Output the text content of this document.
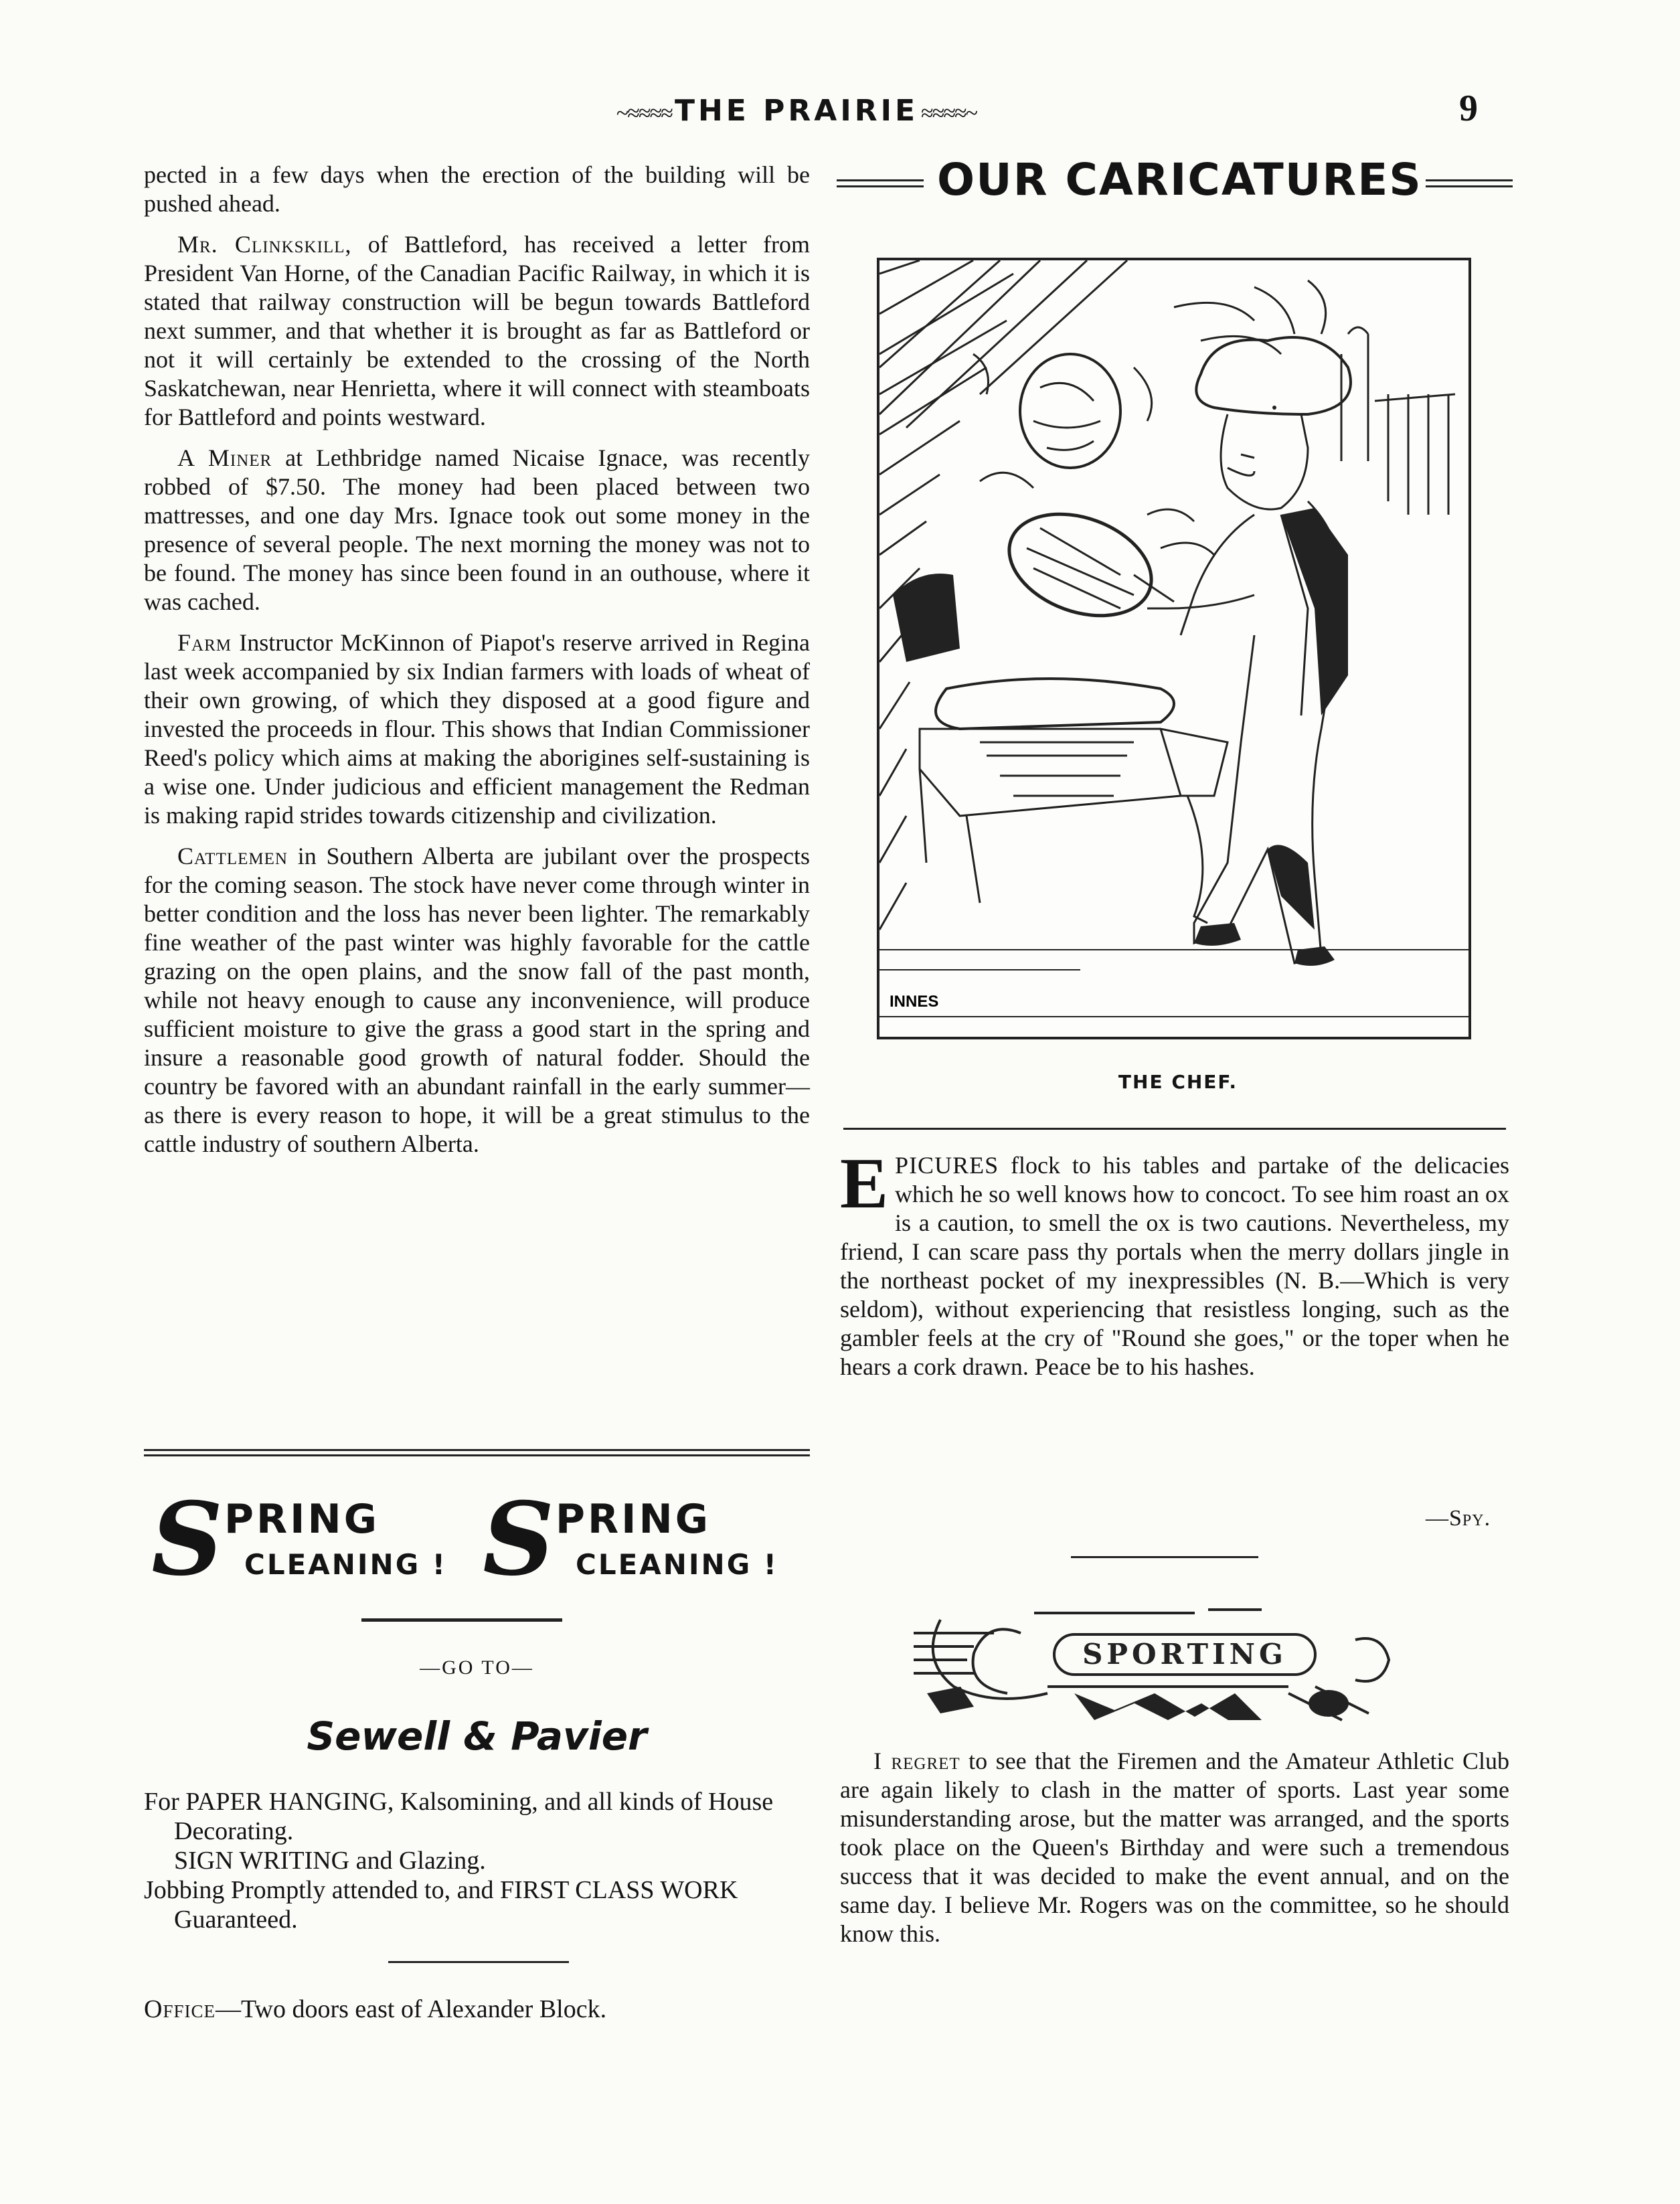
~≈≈≈≈ THE PRAIRIE ≈≈≈≈~	9

pected in a few days when the erection of the building will be pushed ahead.

Mr. Clinkskill, of Battleford, has received a letter from President Van Horne, of the Canadian Pacific Railway, in which it is stated that railway construction will be begun towards Battleford next summer, and that whether it is brought as far as Battleford or not it will certainly be extended to the crossing of the North Saskatchewan, near Henrietta, where it will connect with steamboats for Battleford and points westward.

A Miner at Lethbridge named Nicaise Ignace, was recently robbed of $7.50. The money had been placed between two mattresses, and one day Mrs. Ignace took out some money in the presence of several people. The next morning the money was not to be found. The money has since been found in an outhouse, where it was cached.

Farm Instructor McKinnon of Piapot's reserve arrived in Regina last week accompanied by six Indian farmers with loads of wheat of their own growing, of which they disposed at a good figure and invested the proceeds in flour. This shows that Indian Commissioner Reed's policy which aims at making the aborigines self-sustaining is a wise one. Under judicious and efficient management the Redman is making rapid strides towards citizenship and civilization.

Cattlemen in Southern Alberta are jubilant over the prospects for the coming season. The stock have never come through winter in better condition and the loss has never been lighter. The remarkably fine weather of the past winter was highly favorable for the cattle grazing on the open plains, and the snow fall of the past month, while not heavy enough to cause any inconvenience, will produce sufficient moisture to give the grass a good start in the spring and insure a reasonable good growth of natural fodder. Should the country be favored with an abundant rainfall in the early summer—as there is every reason to hope, it will be a great stimulus to the cattle industry of southern Alberta.

S
PRING
CLEANING ! S
PRING
CLEANING !
—GO TO—
Sewell & Pavier
For PAPER HANGING, Kalsomining, and all kinds of House Decorating.
SIGN WRITING and Glazing.
Jobbing Promptly attended to, and FIRST CLASS WORK Guaranteed.
Office—Two doors east of Alexander Block.
OUR CARICATURES
INNES
THE CHEF.
E PICURES flock to his tables and partake of the delicacies which he so well knows how to concoct. To see him roast an ox is a caution, to smell the ox is two cautions. Nevertheless, my friend, I can scare pass thy portals when the merry dollars jingle in the northeast pocket of my inexpressibles (N. B.—Which is very seldom), without experiencing that resistless longing, such as the gambler feels at the cry of "Round she goes," or the toper when he hears a cork drawn. Peace be to his hashes.

—Spy.
SPORTING

I regret to see that the Firemen and the Amateur Athletic Club are again likely to clash in the matter of sports. Last year some misunderstanding arose, but the matter was arranged, and the sports took place on the Queen's Birthday and were such a tremendous success that it was decided to make the event annual, and on the same day. I believe Mr. Rogers was on the committee, so he should know this.
